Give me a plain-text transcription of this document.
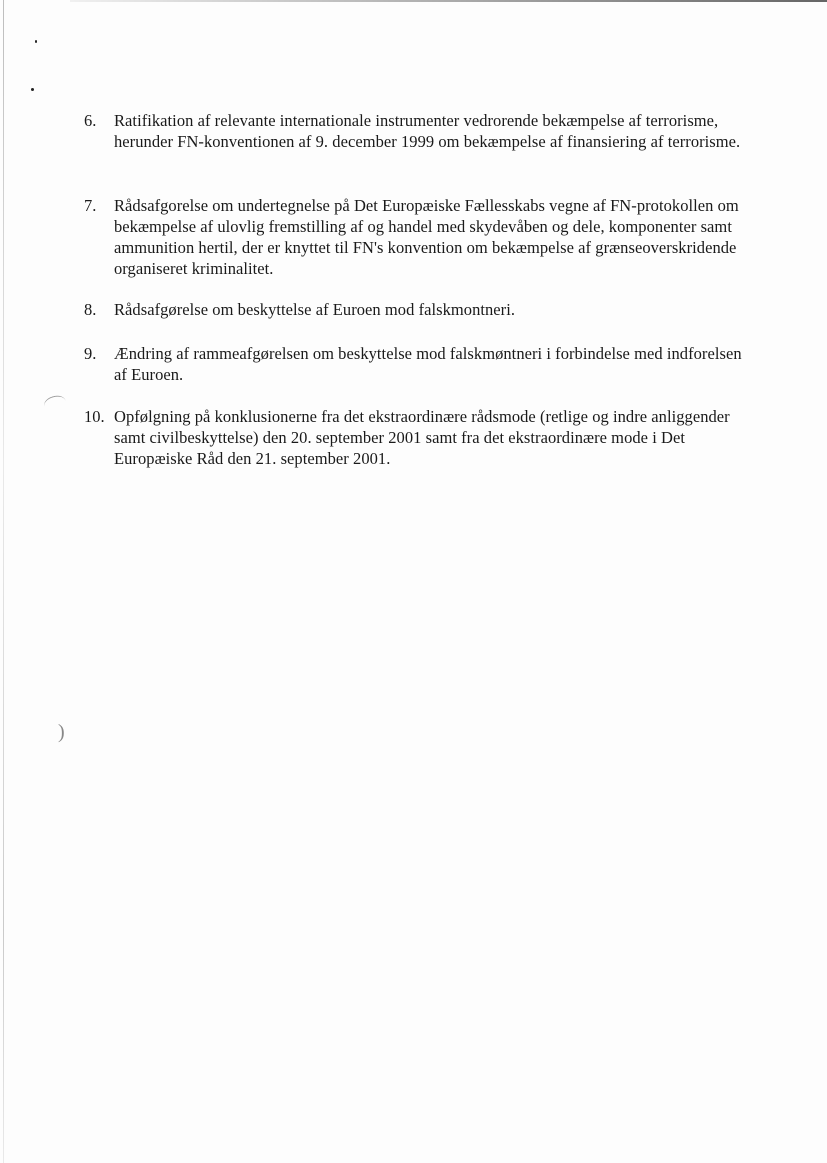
)
6. Ratifikation af relevante internationale instrumenter vedrorende bekæmpelse af terrorisme, herunder FN-konventionen af 9. december 1999 om bekæmpelse af finansiering af terrorisme.
7. Rådsafgorelse om undertegnelse på Det Europæiske Fællesskabs vegne af FN-protokollen om bekæmpelse af ulovlig fremstilling af og handel med skydevåben og dele, komponenter samt ammunition hertil, der er knyttet til FN's konvention om bekæmpelse af grænseoverskridende organiseret kriminalitet.
8. Rådsafgørelse om beskyttelse af Euroen mod falskmontneri.
9. Ændring af rammeafgørelsen om beskyttelse mod falskmøntneri i forbindelse med indforelsen af Euroen.
10. Opfølgning på konklusionerne fra det ekstraordinære rådsmode (retlige og indre anliggender samt civilbeskyttelse) den 20. september 2001 samt fra det ekstraordinære mode i Det Europæiske Råd den 21. september 2001.
